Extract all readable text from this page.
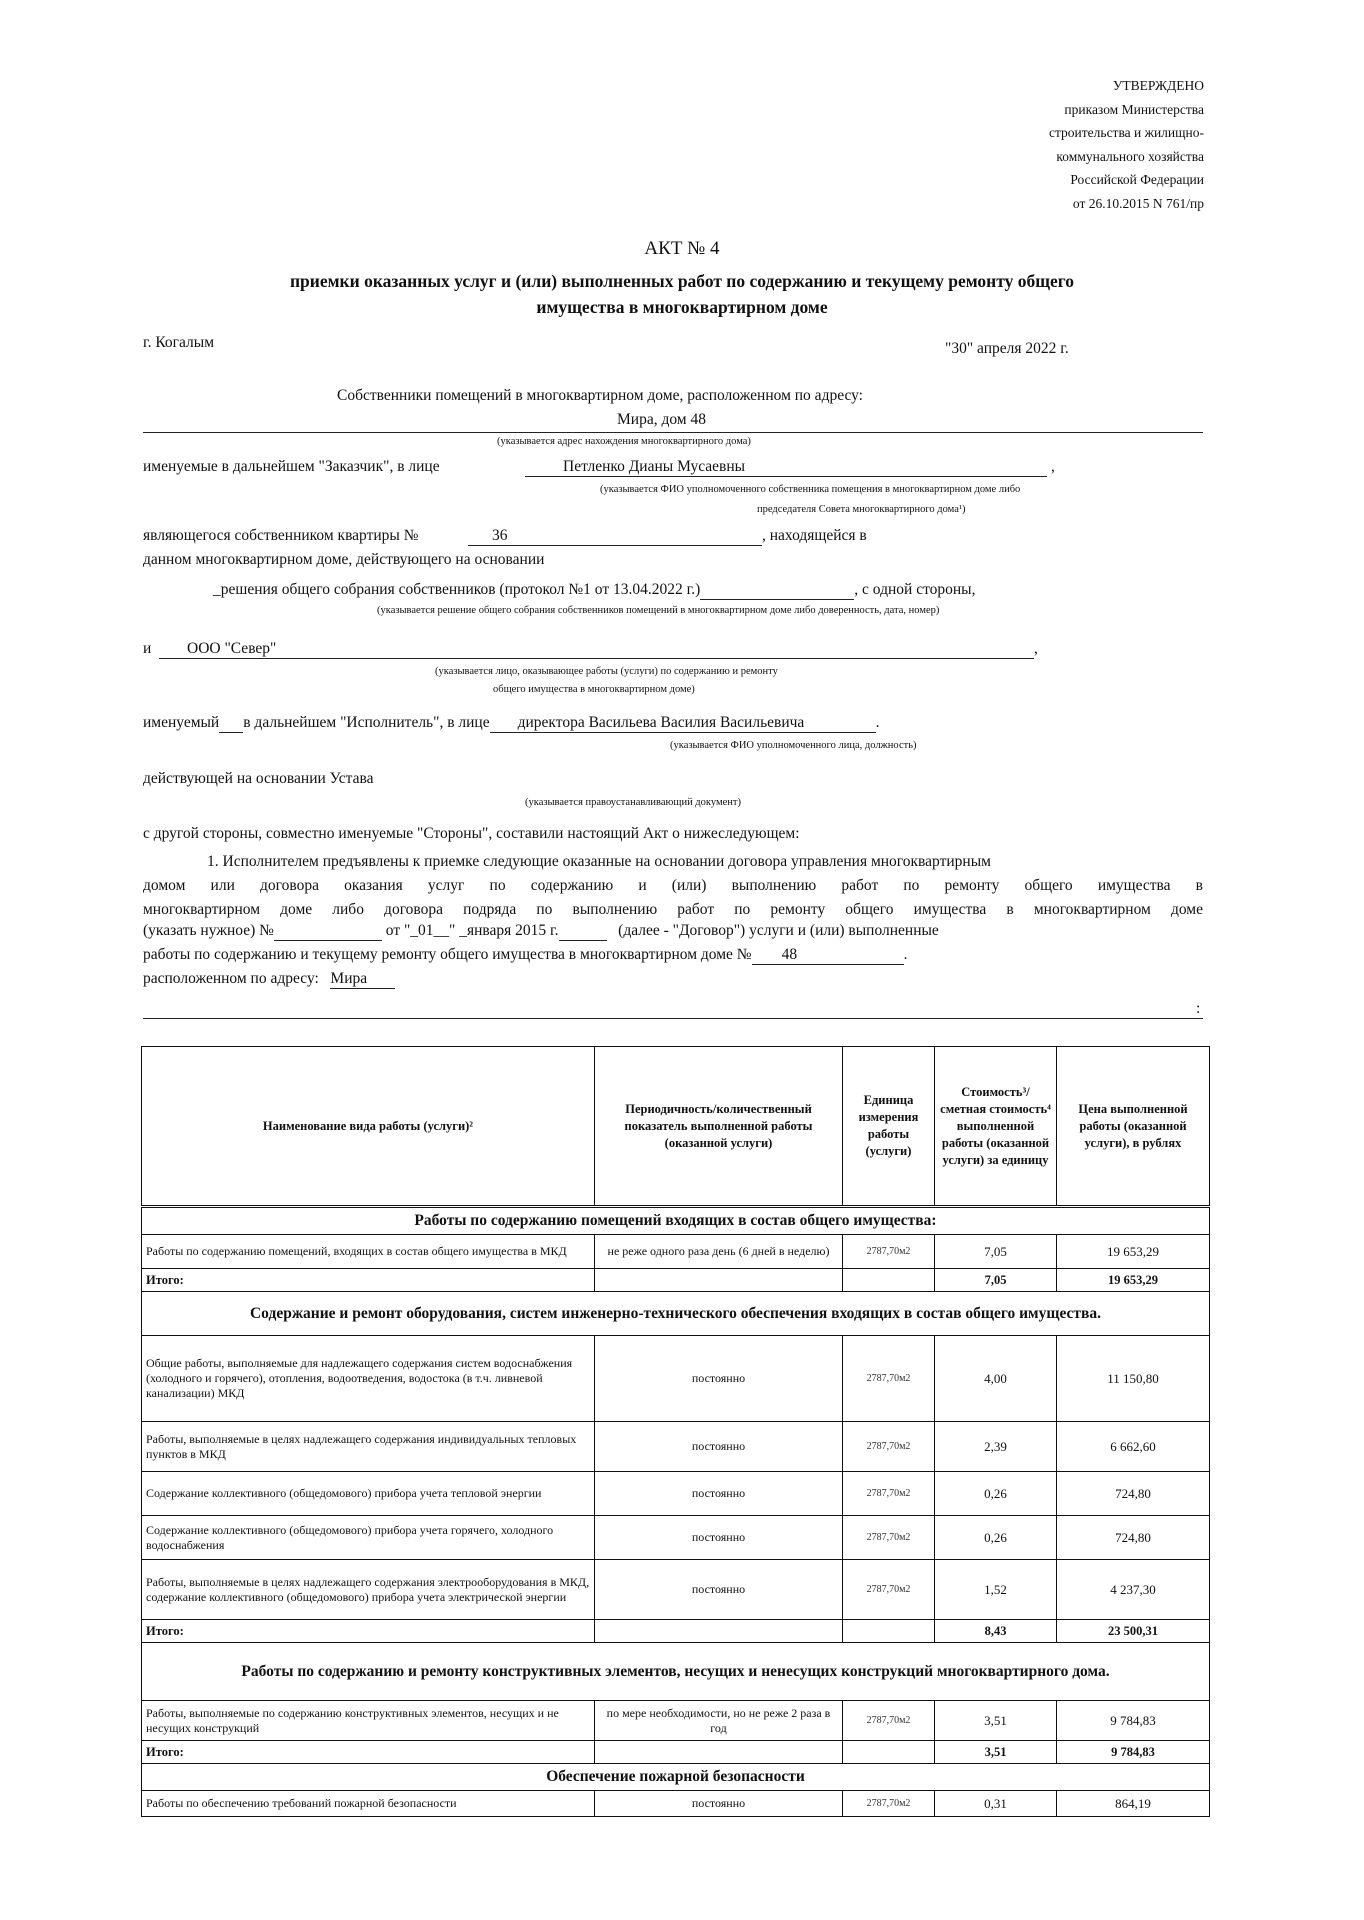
УТВЕРЖДЕНО
приказом Министерства
строительства и жилищно-
коммунального хозяйства
Российской Федерации
от 26.10.2015 N 761/пр
АКТ № 4
приемки оказанных услуг и (или) выполненных работ по содержанию и текущему ремонту общего
имущества в многоквартирном доме
г. Когалым	"30" апреля 2022 г.
Собственники помещений в многоквартирном доме, расположенном по адресу:
Мира, дом 48
(указывается адрес нахождения многоквартирного дома)
именуемые в дальнейшем "Заказчик", в лице	Петленко Дианы Мусаевны	,
(указывается ФИО уполномоченного собственника помещения в многоквартирном доме либо
председателя Совета многоквартирного дома¹)
являющегося собственником квартиры №	36	, находящейся в
данном многоквартирном доме, действующего на основании
_решения общего собрания собственников (протокол №1 от 13.04.2022 г.)	, с одной стороны,
(указывается решение общего собрания собственников помещений в многоквартирном доме либо доверенность, дата, номер)
и	ООО "Север"	,
(указывается лицо, оказывающее работы (услуги) по содержанию и ремонту
общего имущества в многоквартирном доме)
именуемый в дальнейшем "Исполнитель", в лице директора Васильева Василия Васильевича	.
(указывается ФИО уполномоченного лица, должность)
действующей на основании Устава
(указывается правоустанавливающий документ)
с другой стороны, совместно именуемые "Стороны", составили настоящий Акт о нижеследующем:
1. Исполнителем предъявлены к приемке следующие оказанные на основании договора управления многоквартирным
домом или договора оказания услуг по содержанию и (или) выполнению работ по ремонту общего имущества в
многоквартирном доме либо договора подряда по выполнению работ по ремонту общего имущества в многоквартирном доме
(указать нужное) №	от "_01__" _января 2015 г.	(далее - "Договор") услуги и (или) выполненные
работы по содержанию и текущему ремонту общего имущества в многоквартирном доме № 48	.
расположенном по адресу: Мира
:
Наименование вида работы (услуги)²	Периодичность/количественный показатель выполненной работы (оказанной услуги)	Единица измерения работы (услуги)	Стоимость³/сметная стоимость⁴ выполненной работы (оказанной услуги) за единицу	Цена выполненной работы (оказанной услуги), в рублях
Работы по содержанию помещений входящих в состав общего имущества:				
Работы по содержанию помещений, входящих в состав общего имущества в МКД	не реже одного раза день (6 дней в неделю)	2787,70м2	7,05	19 653,29
Итого:			7,05	19 653,29
Содержание и ремонт оборудования, систем инженерно-технического обеспечения входящих в состав общего имущества.				
Общие работы, выполняемые для надлежащего содержания систем водоснабжения (холодного и горячего), отопления, водоотведения, водостока (в т.ч. ливневой канализации) МКД	постоянно	2787,70м2	4,00	11 150,80
Работы, выполняемые в целях надлежащего содержания индивидуальных тепловых пунктов в МКД	постоянно	2787,70м2	2,39	6 662,60
Содержание коллективного (общедомового) прибора учета тепловой энергии	постоянно	2787,70м2	0,26	724,80
Содержание коллективного (общедомового) прибора учета горячего, холодного водоснабжения	постоянно	2787,70м2	0,26	724,80
Работы, выполняемые в целях надлежащего содержания электрооборудования в МКД, содержание коллективного (общедомового) прибора учета электрической энергии	постоянно	2787,70м2	1,52	4 237,30
Итого:			8,43	23 500,31
Работы по содержанию и ремонту конструктивных элементов, несущих и ненесущих конструкций многоквартирного дома.				
Работы, выполняемые по содержанию конструктивных элементов, несущих и не несущих конструкций	по мере необходимости, но не реже 2 раза в год	2787,70м2	3,51	9 784,83
Итого:			3,51	9 784,83
Обеспечение пожарной безопасности				
Работы по обеспечению требований пожарной безопасности	постоянно	2787,70м2	0,31	864,19
